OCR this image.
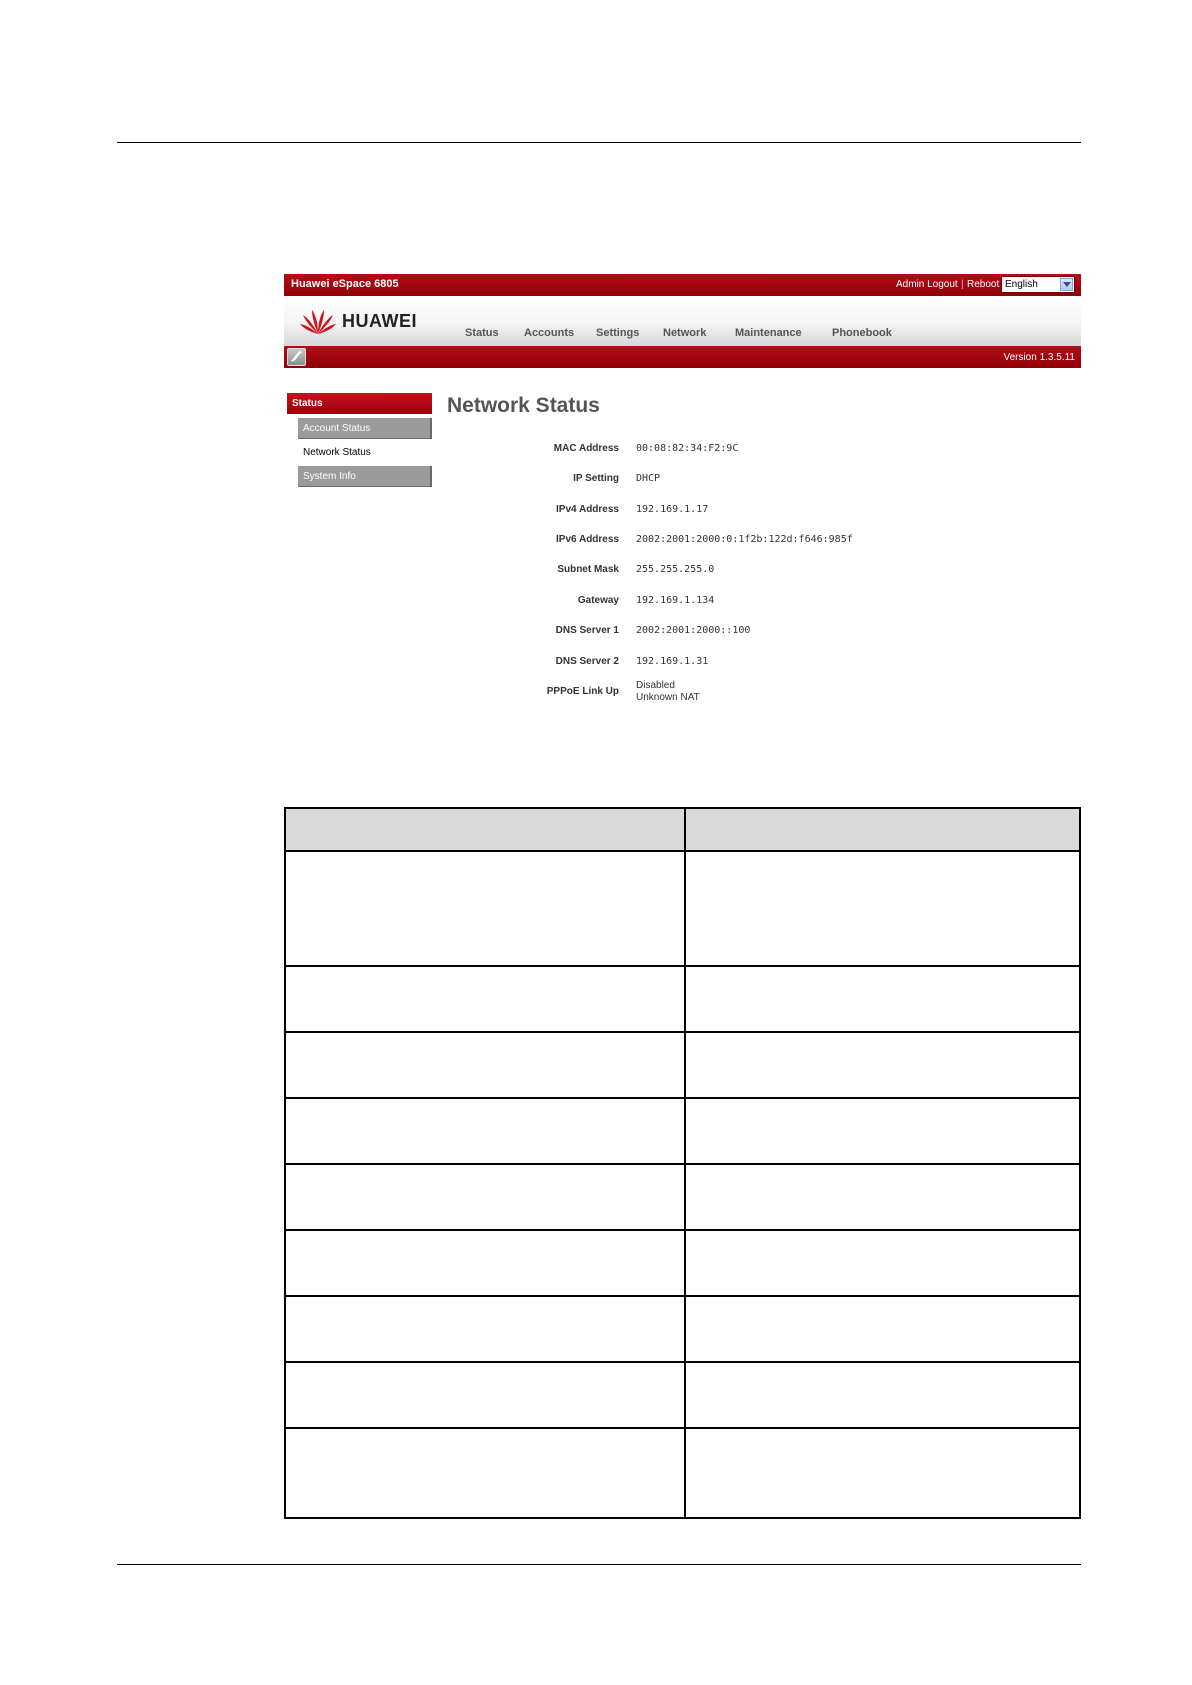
Huawei eSpace 6805	Admin Logout | Reboot English
HUAWEI
Status Accounts Settings Network	Maintenance	Phonebook
Version 1.3.5.11
Status
Account Status
Network Status
System Info
Network Status
MAC Address 00:08:82:34:F2:9C
IP Setting DHCP
IPv4 Address 192.169.1.17
IPv6 Address 2002:2001:2000:0:1f2b:122d:f646:985f
Subnet Mask 255.255.255.0
Gateway 192.169.1.134
DNS Server 1 2002:2001:2000::100
DNS Server 2 192.169.1.31
PPPoE Link Up
Disabled
Unknown NAT
